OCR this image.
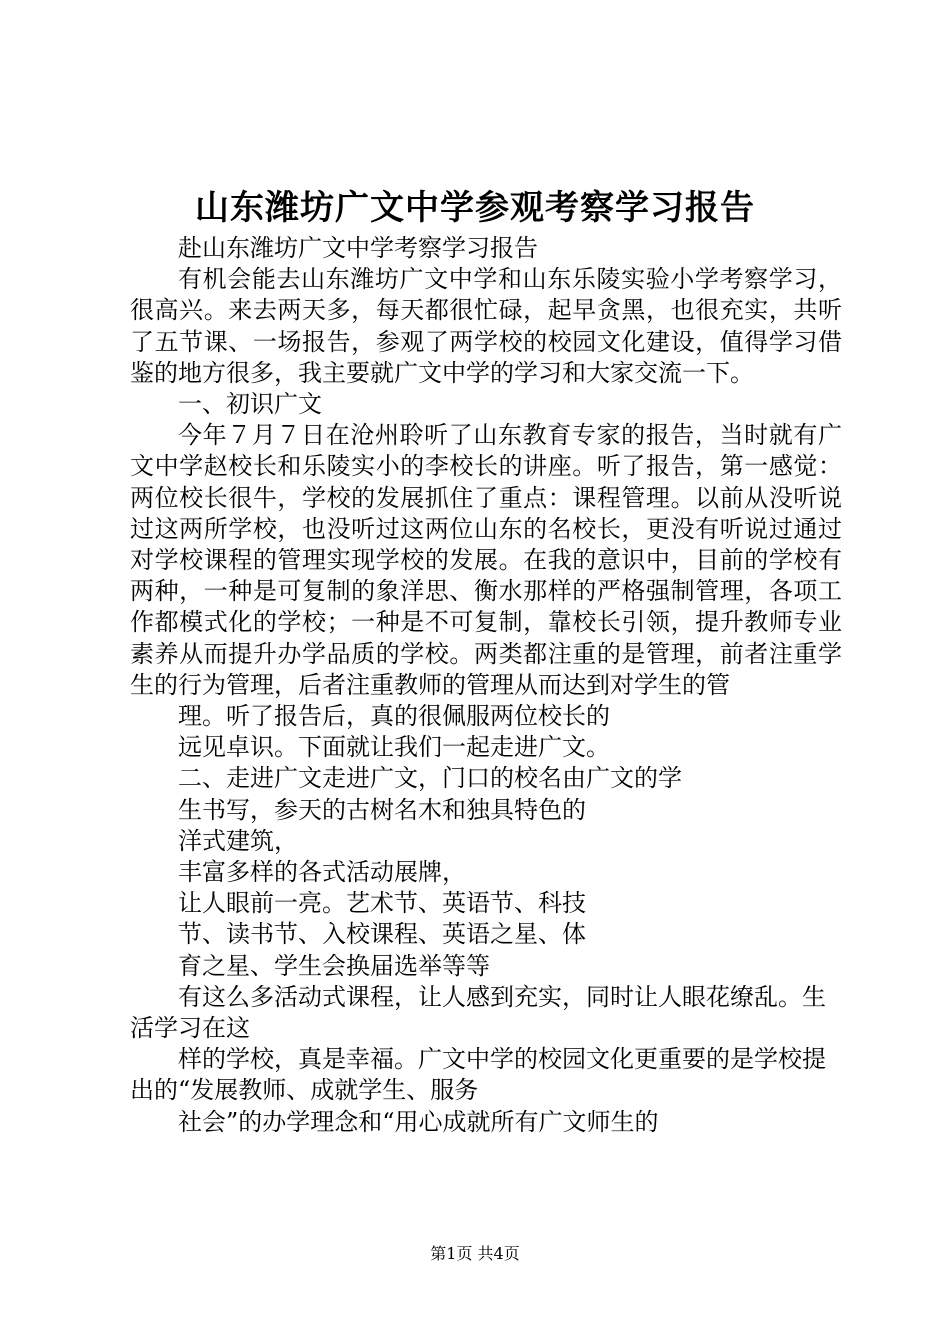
山东潍坊广文中学参观考察学习报告

赴山东潍坊广文中学考察学习报告

有机会能去山东潍坊广文中学和山东乐陵实验小学考察学习，很高兴。来去两天多，每天都很忙碌，起早贪黑，也很充实，共听了五节课、一场报告，参观了两学校的校园文化建设，值得学习借鉴的地方很多，我主要就广文中学的学习和大家交流一下。

一、初识广文

今年７月７日在沧州聆听了山东教育专家的报告，当时就有广文中学赵校长和乐陵实小的李校长的讲座。听了报告，第一感觉：两位校长很牛，学校的发展抓住了重点：课程管理。以前从没听说过这两所学校，也没听过这两位山东的名校长，更没有听说过通过对学校课程的管理实现学校的发展。在我的意识中，目前的学校有两种，一种是可复制的象洋思、衡水那样的严格强制管理，各项工作都模式化的学校；一种是不可复制，靠校长引领，提升教师专业素养从而提升办学品质的学校。两类都注重的是管理，前者注重学生的行为管理，后者注重教师的管理从而达到对学生的管

理。听了报告后，真的很佩服两位校长的

远见卓识。下面就让我们一起走进广文。

二、走进广文走进广文，门口的校名由广文的学

生书写，参天的古树名木和独具特色的

洋式建筑，

丰富多样的各式活动展牌，

让人眼前一亮。艺术节、英语节、科技

节、读书节、入校课程、英语之星、体

育之星、学生会换届选举等等

有这么多活动式课程，让人感到充实，同时让人眼花缭乱。生活学习在这

样的学校，真是幸福。广文中学的校园文化更重要的是学校提出的“发展教师、成就学生、服务

社会”的办学理念和“用心成就所有广文师生的

第1页 共4页
